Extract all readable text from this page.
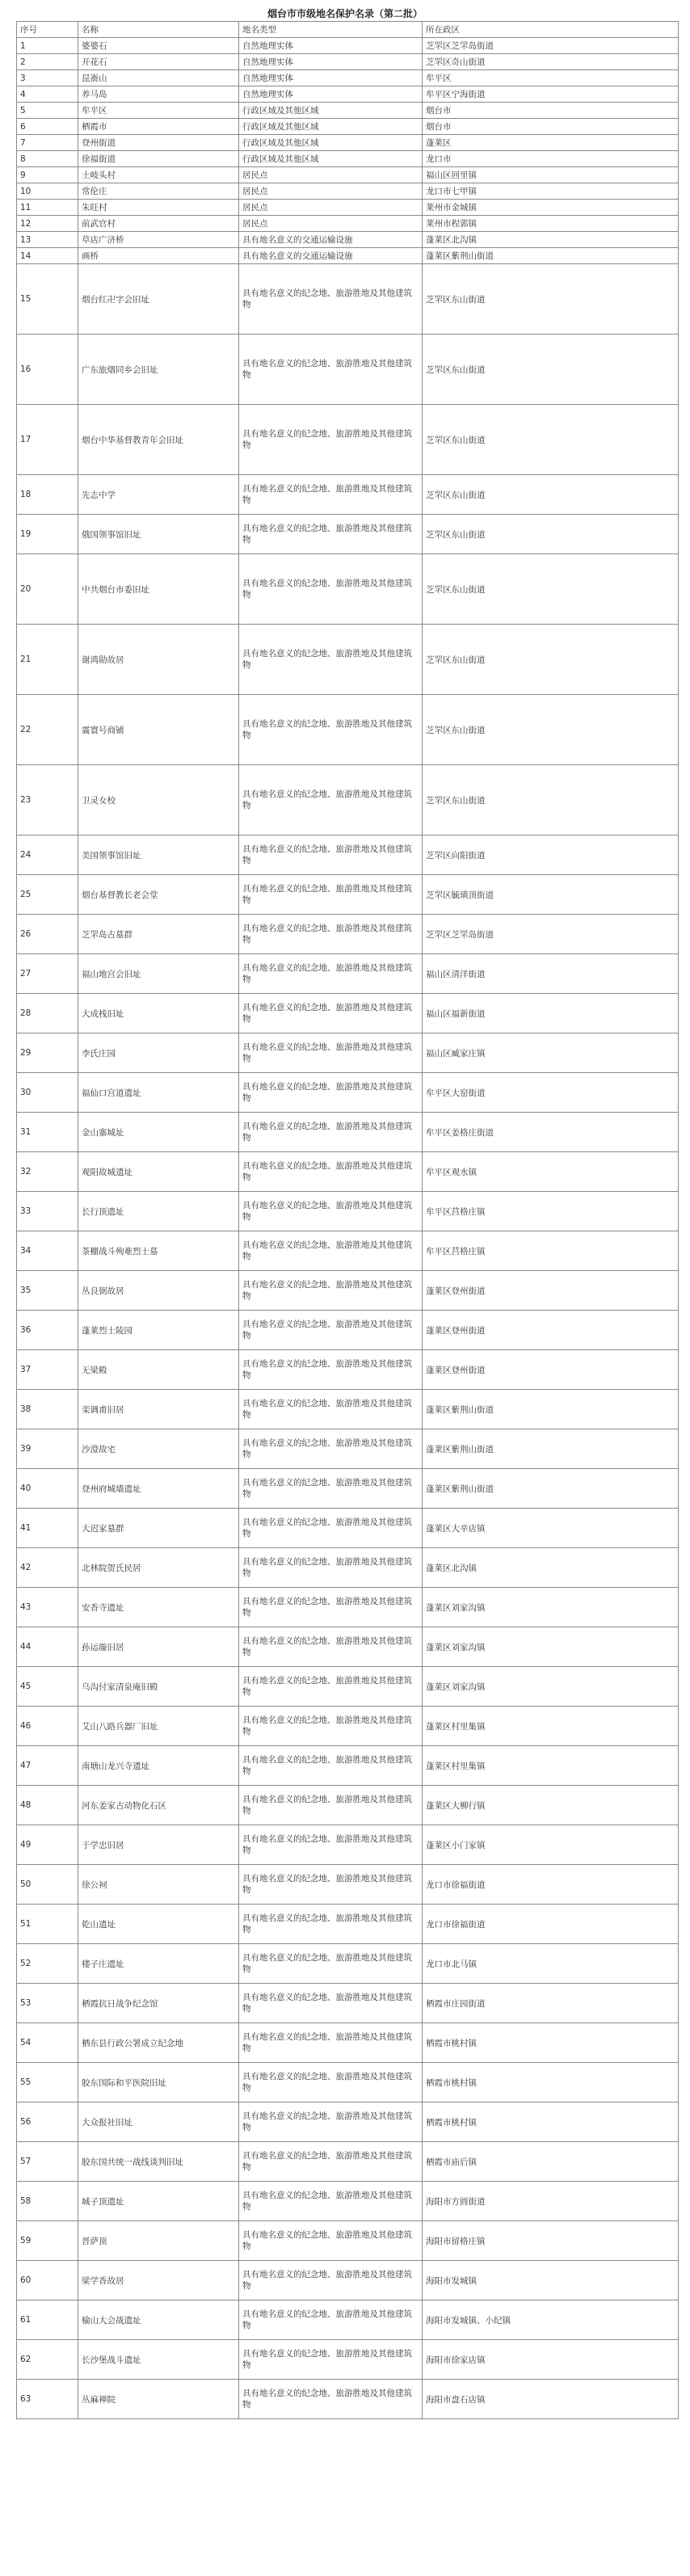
烟台市市级地名保护名录（第二批）
序号	名称	地名类型	所在政区
1	婆婆石	自然地理实体	芝罘区芝罘岛街道
2	开花石	自然地理实体	芝罘区奇山街道
3	昆嵛山	自然地理实体	牟平区
4	养马岛	自然地理实体	牟平区宁海街道
5	牟平区	行政区域及其他区域	烟台市
6	栖霞市	行政区域及其他区域	烟台市
7	登州街道	行政区域及其他区域	蓬莱区
8	徐福街道	行政区域及其他区域	龙口市
9	土岐头村	居民点	福山区回里镇
10	常伦庄	居民点	龙口市七甲镇
11	朱旺村	居民点	莱州市金城镇
12	前武官村	居民点	莱州市程郭镇
13	草店广济桥	具有地名意义的交通运输设施	蓬莱区北沟镇
14	画桥	具有地名意义的交通运输设施	蓬莱区紫荆山街道
15	烟台红卍字会旧址	具有地名意义的纪念地、旅游胜地及其他建筑物	芝罘区东山街道
16	广东旅烟同乡会旧址	具有地名意义的纪念地、旅游胜地及其他建筑物	芝罘区东山街道
17	烟台中华基督教青年会旧址	具有地名意义的纪念地、旅游胜地及其他建筑物	芝罘区东山街道
18	先志中学	具有地名意义的纪念地、旅游胜地及其他建筑物	芝罘区东山街道
19	俄国领事馆旧址	具有地名意义的纪念地、旅游胜地及其他建筑物	芝罘区东山街道
20	中共烟台市委旧址	具有地名意义的纪念地、旅游胜地及其他建筑物	芝罘区东山街道
21	谢鸿勋故居	具有地名意义的纪念地、旅游胜地及其他建筑物	芝罘区东山街道
22	震寰号商铺	具有地名意义的纪念地、旅游胜地及其他建筑物	芝罘区东山街道
23	卫灵女校	具有地名意义的纪念地、旅游胜地及其他建筑物	芝罘区东山街道
24	美国领事馆旧址	具有地名意义的纪念地、旅游胜地及其他建筑物	芝罘区向阳街道
25	烟台基督教长老会堂	具有地名意义的纪念地、旅游胜地及其他建筑物	芝罘区毓璜顶街道
26	芝罘岛古墓群	具有地名意义的纪念地、旅游胜地及其他建筑物	芝罘区芝罘岛街道
27	福山地宫会旧址	具有地名意义的纪念地、旅游胜地及其他建筑物	福山区清洋街道
28	大成栈旧址	具有地名意义的纪念地、旅游胜地及其他建筑物	福山区福新街道
29	李氏庄园	具有地名意义的纪念地、旅游胜地及其他建筑物	福山区臧家庄镇
30	福仙口宫道遗址	具有地名意义的纪念地、旅游胜地及其他建筑物	牟平区大窑街道
31	金山寨城址	具有地名意义的纪念地、旅游胜地及其他建筑物	牟平区姜格庄街道
32	观阳故城遗址	具有地名意义的纪念地、旅游胜地及其他建筑物	牟平区观水镇
33	长行顶遗址	具有地名意义的纪念地、旅游胜地及其他建筑物	牟平区莒格庄镇
34	茶棚战斗殉难烈士墓	具有地名意义的纪念地、旅游胜地及其他建筑物	牟平区莒格庄镇
35	丛良弼故居	具有地名意义的纪念地、旅游胜地及其他建筑物	蓬莱区登州街道
36	蓬莱烈士陵园	具有地名意义的纪念地、旅游胜地及其他建筑物	蓬莱区登州街道
37	无梁殿	具有地名意义的纪念地、旅游胜地及其他建筑物	蓬莱区登州街道
38	栾调甫旧居	具有地名意义的纪念地、旅游胜地及其他建筑物	蓬莱区紫荆山街道
39	沙澄故宅	具有地名意义的纪念地、旅游胜地及其他建筑物	蓬莱区紫荆山街道
40	登州府城墙遗址	具有地名意义的纪念地、旅游胜地及其他建筑物	蓬莱区紫荆山街道
41	大迟家墓群	具有地名意义的纪念地、旅游胜地及其他建筑物	蓬莱区大辛店镇
42	北林院贺氏民居	具有地名意义的纪念地、旅游胜地及其他建筑物	蓬莱区北沟镇
43	安香寺遗址	具有地名意义的纪念地、旅游胜地及其他建筑物	蓬莱区刘家沟镇
44	孙运璇旧居	具有地名意义的纪念地、旅游胜地及其他建筑物	蓬莱区刘家沟镇
45	乌沟付家清泉庵旧殿	具有地名意义的纪念地、旅游胜地及其他建筑物	蓬莱区刘家沟镇
46	艾山八路兵器厂旧址	具有地名意义的纪念地、旅游胜地及其他建筑物	蓬莱区村里集镇
47	南塘山龙兴寺遗址	具有地名意义的纪念地、旅游胜地及其他建筑物	蓬莱区村里集镇
48	河东姜家古动物化石区	具有地名意义的纪念地、旅游胜地及其他建筑物	蓬莱区大柳行镇
49	于学忠旧居	具有地名意义的纪念地、旅游胜地及其他建筑物	蓬莱区小门家镇
50	徐公祠	具有地名意义的纪念地、旅游胜地及其他建筑物	龙口市徐福街道
51	乾山遗址	具有地名意义的纪念地、旅游胜地及其他建筑物	龙口市徐福街道
52	楼子庄遗址	具有地名意义的纪念地、旅游胜地及其他建筑物	龙口市北马镇
53	栖霞抗日战争纪念馆	具有地名意义的纪念地、旅游胜地及其他建筑物	栖霞市庄园街道
54	栖东县行政公署成立纪念地	具有地名意义的纪念地、旅游胜地及其他建筑物	栖霞市桃村镇
55	胶东国际和平医院旧址	具有地名意义的纪念地、旅游胜地及其他建筑物	栖霞市桃村镇
56	大众报社旧址	具有地名意义的纪念地、旅游胜地及其他建筑物	栖霞市桃村镇
57	胶东国共统一战线谈判旧址	具有地名意义的纪念地、旅游胜地及其他建筑物	栖霞市庙后镇
58	城子顶遗址	具有地名意义的纪念地、旅游胜地及其他建筑物	海阳市方圆街道
59	晋萨顶	具有地名意义的纪念地、旅游胜地及其他建筑物	海阳市留格庄镇
60	梁学香故居	具有地名意义的纪念地、旅游胜地及其他建筑物	海阳市发城镇
61	榆山大会战遗址	具有地名意义的纪念地、旅游胜地及其他建筑物	海阳市发城镇、小纪镇
62	长沙堡战斗遗址	具有地名意义的纪念地、旅游胜地及其他建筑物	海阳市徐家店镇
63	丛麻禅院	具有地名意义的纪念地、旅游胜地及其他建筑物	海阳市盘石店镇
